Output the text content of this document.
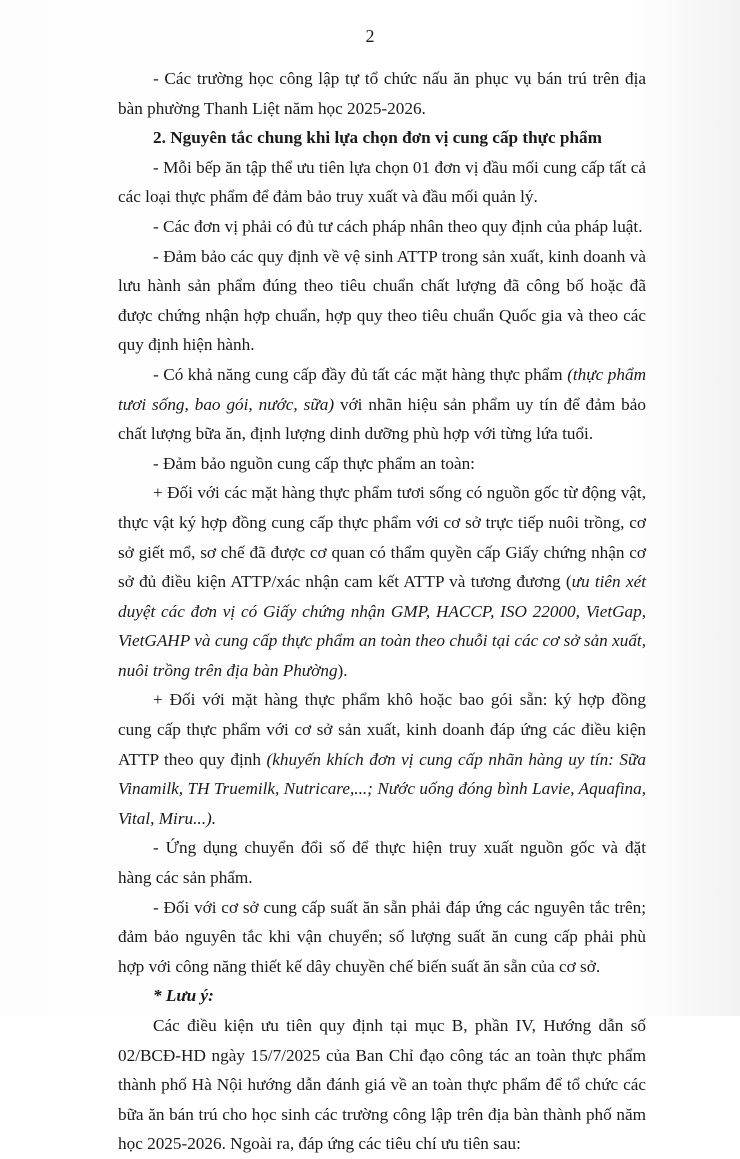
2

- Các trường học công lập tự tổ chức nấu ăn phục vụ bán trú trên địa bàn phường Thanh Liệt năm học 2025-2026.

2. Nguyên tắc chung khi lựa chọn đơn vị cung cấp thực phẩm

- Mỗi bếp ăn tập thể ưu tiên lựa chọn 01 đơn vị đầu mối cung cấp tất cả các loại thực phẩm để đảm bảo truy xuất và đầu mối quản lý.

- Các đơn vị phải có đủ tư cách pháp nhân theo quy định của pháp luật.

- Đảm bảo các quy định về vệ sinh ATTP trong sản xuất, kinh doanh và lưu hành sản phẩm đúng theo tiêu chuẩn chất lượng đã công bố hoặc đã được chứng nhận hợp chuẩn, hợp quy theo tiêu chuẩn Quốc gia và theo các quy định hiện hành.

- Có khả năng cung cấp đầy đủ tất các mặt hàng thực phẩm (thực phẩm tươi sống, bao gói, nước, sữa) với nhãn hiệu sản phẩm uy tín để đảm bảo chất lượng bữa ăn, định lượng dinh dưỡng phù hợp với từng lứa tuổi.

- Đảm bảo nguồn cung cấp thực phẩm an toàn:

+ Đối với các mặt hàng thực phẩm tươi sống có nguồn gốc từ động vật, thực vật ký hợp đồng cung cấp thực phẩm với cơ sở trực tiếp nuôi trồng, cơ sở giết mổ, sơ chế đã được cơ quan có thẩm quyền cấp Giấy chứng nhận cơ sở đủ điều kiện ATTP/xác nhận cam kết ATTP và tương đương (ưu tiên xét duyệt các đơn vị có Giấy chứng nhận GMP, HACCP, ISO 22000, VietGap, VietGAHP và cung cấp thực phẩm an toàn theo chuỗi tại các cơ sở sản xuất, nuôi trồng trên địa bàn Phường).

+ Đối với mặt hàng thực phẩm khô hoặc bao gói sẵn: ký hợp đồng cung cấp thực phẩm với cơ sở sản xuất, kinh doanh đáp ứng các điều kiện ATTP theo quy định (khuyến khích đơn vị cung cấp nhãn hàng uy tín: Sữa Vinamilk, TH Truemilk, Nutricare,...; Nước uống đóng bình Lavie, Aquafina, Vital, Miru...).

- Ứng dụng chuyển đổi số để thực hiện truy xuất nguồn gốc và đặt hàng các sản phẩm.

- Đối với cơ sở cung cấp suất ăn sẵn phải đáp ứng các nguyên tắc trên; đảm bảo nguyên tắc khi vận chuyển; số lượng suất ăn cung cấp phải phù hợp với công năng thiết kế dây chuyền chế biến suất ăn sẵn của cơ sở.

* Lưu ý:

Các điều kiện ưu tiên quy định tại mục B, phần IV, Hướng dẫn số 02/BCĐ-HD ngày 15/7/2025 của Ban Chỉ đạo công tác an toàn thực phẩm thành phố Hà Nội hướng dẫn đánh giá về an toàn thực phẩm để tổ chức các bữa ăn bán trú cho học sinh các trường công lập trên địa bàn thành phố năm học 2025-2026. Ngoài ra, đáp ứng các tiêu chí ưu tiên sau:
